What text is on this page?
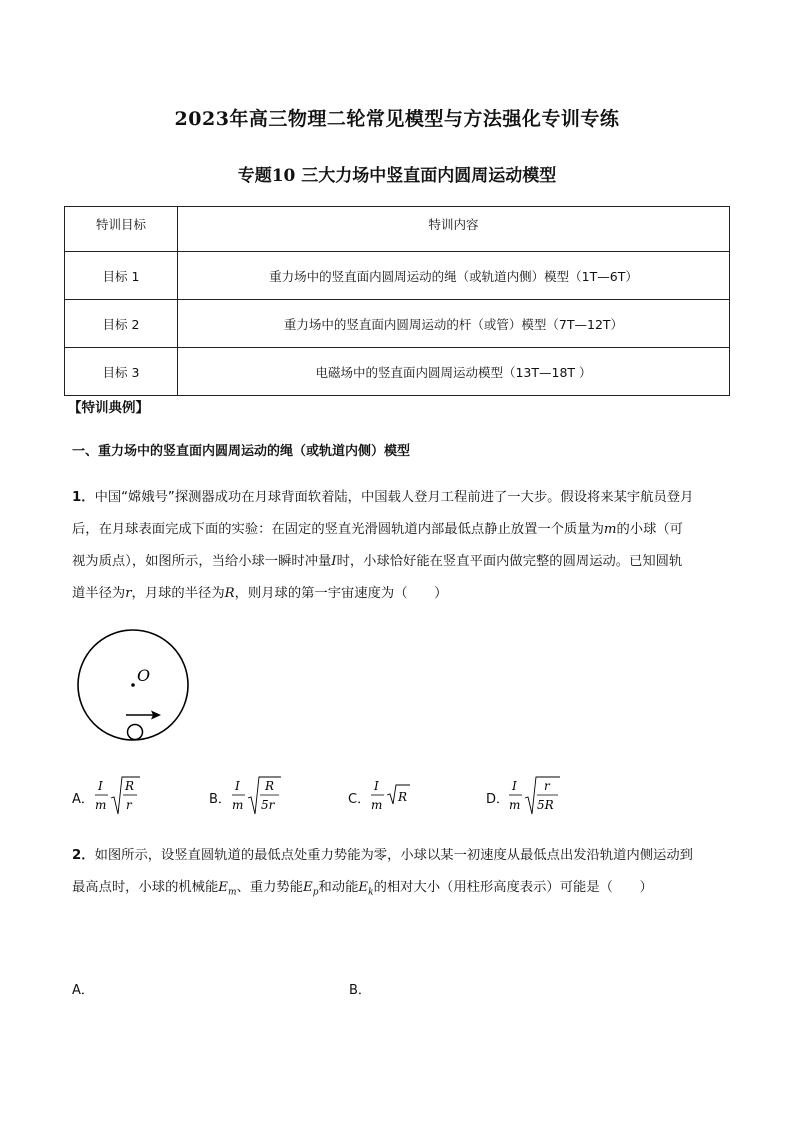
2023年高三物理二轮常见模型与方法强化专训专练
专题10 三大力场中竖直面内圆周运动模型
特训目标	特训内容
目标 1	重力场中的竖直面内圆周运动的绳（或轨道内侧）模型（1T—6T）
目标 2	重力场中的竖直面内圆周运动的杆（或管）模型（7T—12T）
目标 3	电磁场中的竖直面内圆周运动模型（13T—18T ）
【特训典例】
一、重力场中的竖直面内圆周运动的绳（或轨道内侧）模型
1．中国“嫦娥号”探测器成功在月球背面软着陆，中国载人登月工程前进了一大步。假设将来某宇航员登月
后，在月球表面完成下面的实验：在固定的竖直光滑圆轨道内部最低点静止放置一个质量为m的小球（可
视为质点），如图所示，当给小球一瞬时冲量I时，小球恰好能在竖直平面内做完整的圆周运动。已知圆轨
道半径为r，月球的半径为R，则月球的第一宇宙速度为（　　）
O
A．
I
m
R
r	B．
I
m
R
5r	C．
I
m
R	D．
I
m
r
5R
2．如图所示，设竖直圆轨道的最低点处重力势能为零，小球以某一初速度从最低点出发沿轨道内侧运动到
最高点时，小球的机械能$E_m$、重力势能$E_p$和动能$E_k$的相对大小（用柱形高度表示）可能是（　　）
A．	B．
